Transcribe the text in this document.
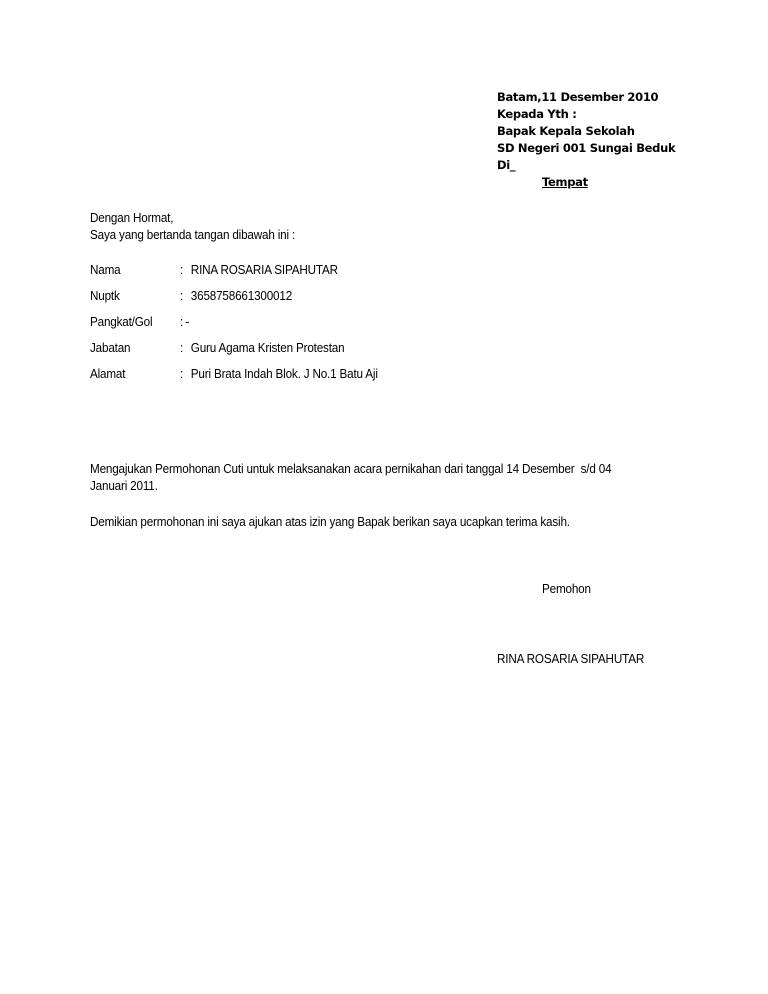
Batam,11 Desember 2010
Kepada Yth :
Bapak Kepala Sekolah
SD Negeri 001 Sungai Beduk
Di_
Tempat
Dengan Hormat,
Saya yang bertanda tangan dibawah ini :
Nama	: RINA ROSARIA SIPAHUTAR
Nuptk	: 3658758661300012
Pangkat/Gol : -
Jabatan	: Guru Agama Kristen Protestan
Alamat	: Puri Brata Indah Blok. J No.1 Batu Aji
Mengajukan Permohonan Cuti untuk melaksanakan acara pernikahan dari tanggal 14 Desember  s/d 04
Januari 2011.
Demikian permohonan ini saya ajukan atas izin yang Bapak berikan saya ucapkan terima kasih.
Pemohon
RINA ROSARIA SIPAHUTAR
